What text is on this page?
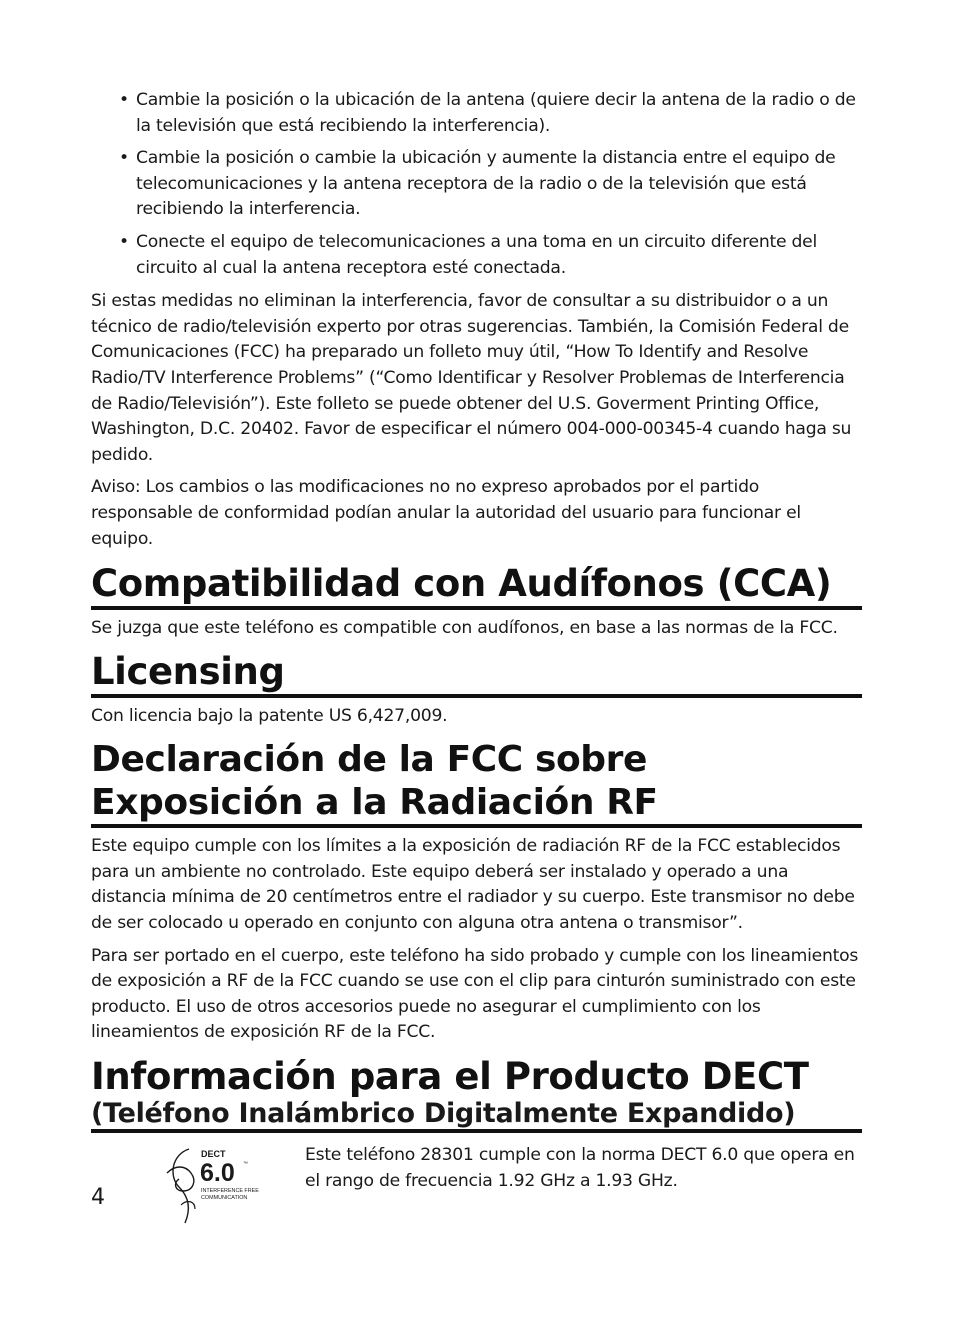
• Cambie la posición o la ubicación de la antena (quiere decir la antena de la radio o de la televisión que está recibiendo la interferencia).
• Cambie la posición o cambie la ubicación y aumente la distancia entre el equipo de telecomunicaciones y la antena receptora de la radio o de la televisión que está recibiendo la interferencia.
• Conecte el equipo de telecomunicaciones a una toma en un circuito diferente del circuito al cual la antena receptora esté conectada.

Si estas medidas no eliminan la interferencia, favor de consultar a su distribuidor o a un técnico de radio/televisión experto por otras sugerencias. También, la Comisión Federal de Comunicaciones (FCC) ha preparado un folleto muy útil, “How To Identify and Resolve Radio/TV Interference Problems” (“Como Identificar y Resolver Problemas de Interferencia de Radio/Televisión”). Este folleto se puede obtener del U.S. Goverment Printing Office, Washington, D.C. 20402. Favor de especificar el número 004-000-00345-4 cuando haga su pedido.

Aviso: Los cambios o las modificaciones no no expreso aprobados por el partido responsable de conformidad podían anular la autoridad del usuario para funcionar el equipo.

Compatibilidad con Audífonos (CCA)

Se juzga que este teléfono es compatible con audífonos, en base a las normas de la FCC.

Licensing

Con licencia bajo la patente US 6,427,009.

Declaración de la FCC sobre Exposición a la Radiación RF

Este equipo cumple con los límites a la exposición de radiación RF de la FCC establecidos para un ambiente no controlado. Este equipo deberá ser instalado y operado a una distancia mínima de 20 centímetros entre el radiador y su cuerpo. Este transmisor no debe de ser colocado u operado en conjunto con alguna otra antena o transmisor”.

Para ser portado en el cuerpo, este teléfono ha sido probado y cumple con los lineamientos de exposición a RF de la FCC cuando se use con el clip para cinturón suministrado con este producto. El uso de otros accesorios puede no asegurar el cumplimiento con los lineamientos de exposición RF de la FCC.

Información para el Producto DECT
(Teléfono Inalámbrico Digitalmente Expandido)
4
DECT
6.0 ™
INTERFERENCE FREE
COMMUNICATION

Este teléfono 28301 cumple con la norma DECT 6.0 que opera en el rango de frecuencia 1.92 GHz a 1.93 GHz.
